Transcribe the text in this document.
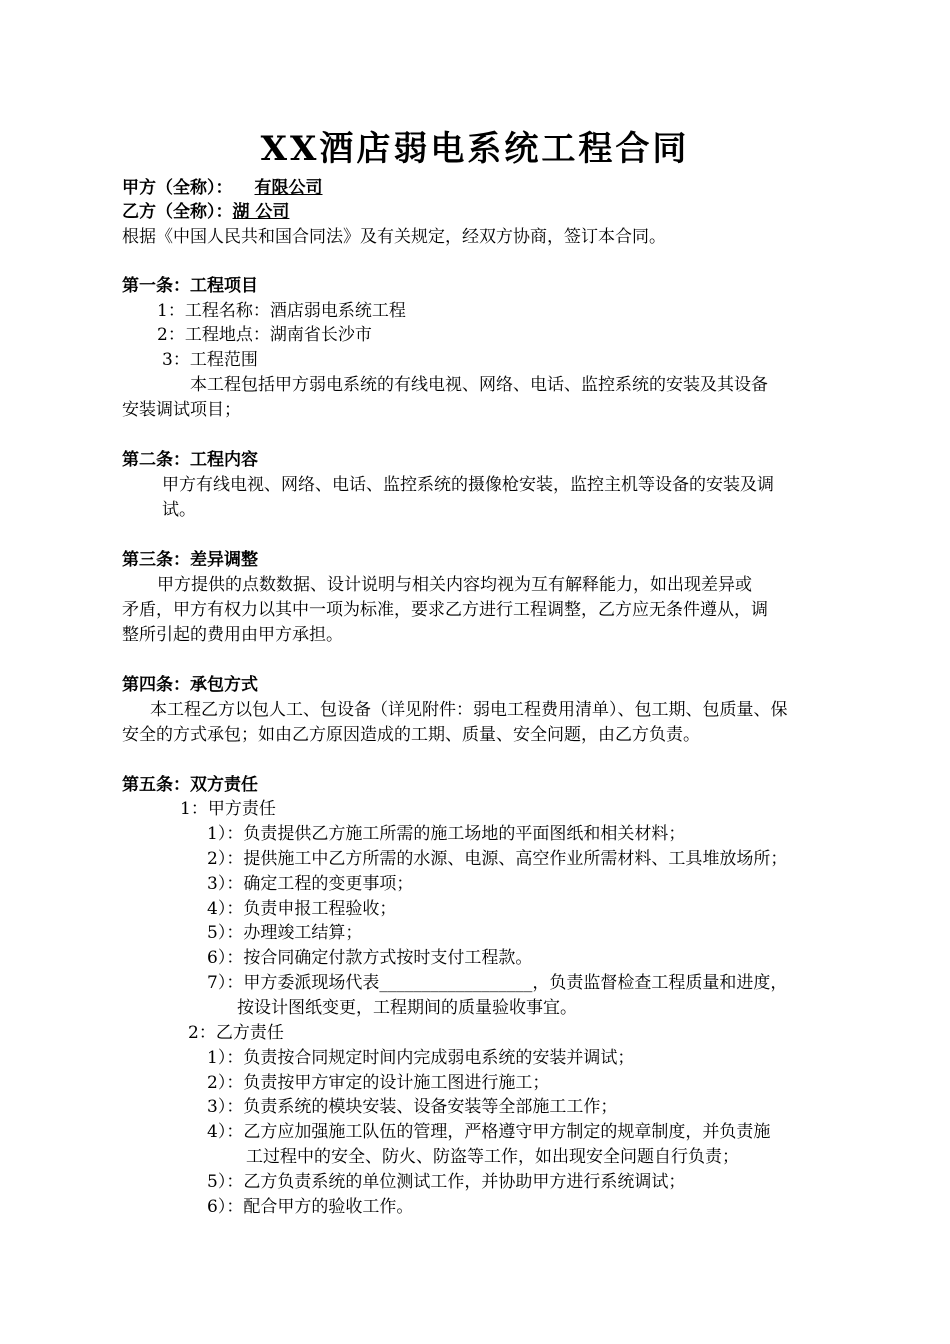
XX酒店弱电系统工程合同
甲方（全称）： 有限公司
乙方（全称）：湖 公司
根据《中国人民共和国合同法》及有关规定，经双方协商，签订本合同。
第一条：工程项目
1：工程名称：酒店弱电系统工程
2：工程地点：湖南省长沙市
3：工程范围
本工程包括甲方弱电系统的有线电视、网络、电话、监控系统的安装及其设备
安装调试项目；
第二条：工程内容
甲方有线电视、网络、电话、监控系统的摄像枪安装，监控主机等设备的安装及调
试。
第三条：差异调整
甲方提供的点数数据、设计说明与相关内容均视为互有解释能力，如出现差异或
矛盾，甲方有权力以其中一项为标准，要求乙方进行工程调整，乙方应无条件遵从，调
整所引起的费用由甲方承担。
第四条：承包方式
本工程乙方以包人工、包设备（详见附件：弱电工程费用清单）、包工期、包质量、保
安全的方式承包；如由乙方原因造成的工期、质量、安全问题，由乙方负责。
第五条：双方责任
1：甲方责任
1）：负责提供乙方施工所需的施工场地的平面图纸和相关材料；
2）：提供施工中乙方所需的水源、电源、高空作业所需材料、工具堆放场所；
3）：确定工程的变更事项；
4）：负责申报工程验收；
5）：办理竣工结算；
6）：按合同确定付款方式按时支付工程款。
7）：甲方委派现场代表__________________，负责监督检查工程质量和进度，
按设计图纸变更，工程期间的质量验收事宜。
2：乙方责任
1）：负责按合同规定时间内完成弱电系统的安装并调试；
2）：负责按甲方审定的设计施工图进行施工；
3）：负责系统的模块安装、设备安装等全部施工工作；
4）：乙方应加强施工队伍的管理，严格遵守甲方制定的规章制度，并负责施
工过程中的安全、防火、防盗等工作，如出现安全问题自行负责；
5）：乙方负责系统的单位测试工作，并协助甲方进行系统调试；
6）：配合甲方的验收工作。
